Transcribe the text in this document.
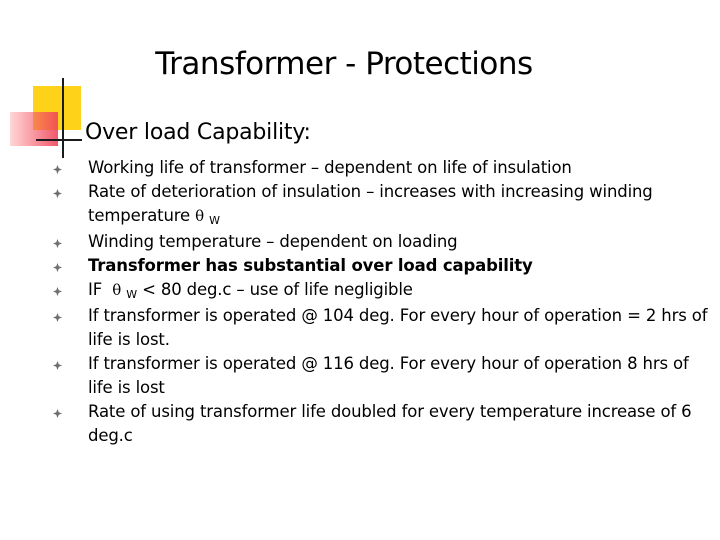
Transformer - Protections
Over load Capability:
Working life of transformer – dependent on life of insulation
Rate of deterioration of insulation – increases with increasing winding temperature θ W
Winding temperature – dependent on loading
Transformer has substantial over load capability
IF  θ W < 80 deg.c – use of life negligible
If transformer is operated @ 104 deg. For every hour of operation = 2 hrs of life is lost.
If transformer is operated @ 116 deg. For every hour of operation 8 hrs of life is lost
Rate of using transformer life doubled for every temperature increase of 6 deg.c
